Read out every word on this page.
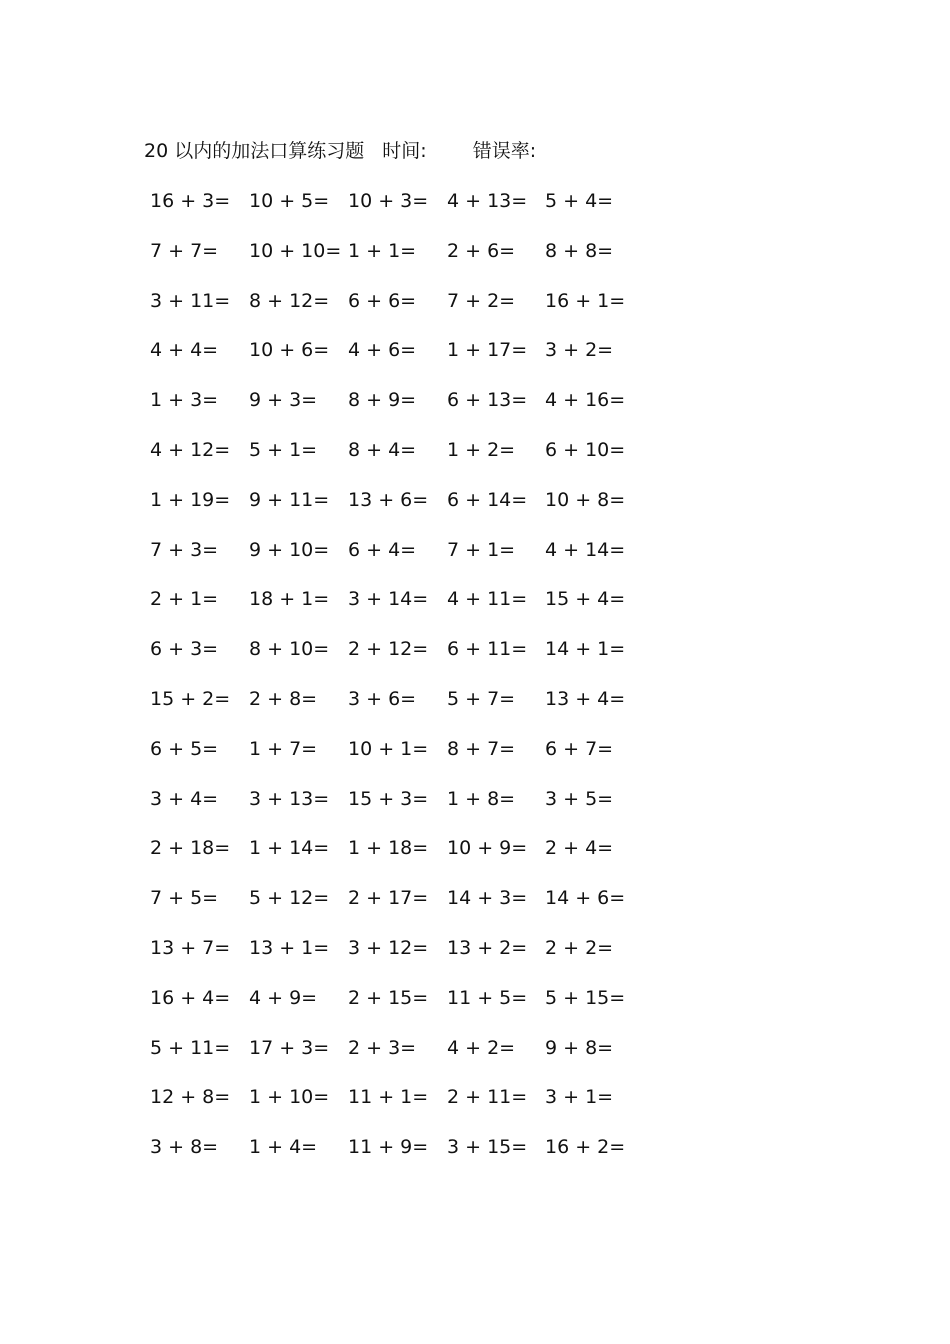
20 以内的加法口算练习题 时间: 错误率:
16 + 3= 10 + 5= 10 + 3= 4 + 13= 5 + 4=
7 + 7= 10 + 10= 1 + 1= 2 + 6= 8 + 8=
3 + 11= 8 + 12= 6 + 6= 7 + 2= 16 + 1=
4 + 4= 10 + 6= 4 + 6= 1 + 17= 3 + 2=
1 + 3= 9 + 3= 8 + 9= 6 + 13= 4 + 16=
4 + 12= 5 + 1= 8 + 4= 1 + 2= 6 + 10=
1 + 19= 9 + 11= 13 + 6= 6 + 14= 10 + 8=
7 + 3= 9 + 10= 6 + 4= 7 + 1= 4 + 14=
2 + 1= 18 + 1= 3 + 14= 4 + 11= 15 + 4=
6 + 3= 8 + 10= 2 + 12= 6 + 11= 14 + 1=
15 + 2= 2 + 8= 3 + 6= 5 + 7= 13 + 4=
6 + 5= 1 + 7= 10 + 1= 8 + 7= 6 + 7=
3 + 4= 3 + 13= 15 + 3= 1 + 8= 3 + 5=
2 + 18= 1 + 14= 1 + 18= 10 + 9= 2 + 4=
7 + 5= 5 + 12= 2 + 17= 14 + 3= 14 + 6=
13 + 7= 13 + 1= 3 + 12= 13 + 2= 2 + 2=
16 + 4= 4 + 9= 2 + 15= 11 + 5= 5 + 15=
5 + 11= 17 + 3= 2 + 3= 4 + 2= 9 + 8=
12 + 8= 1 + 10= 11 + 1= 2 + 11= 3 + 1=
3 + 8= 1 + 4= 11 + 9= 3 + 15= 16 + 2=
